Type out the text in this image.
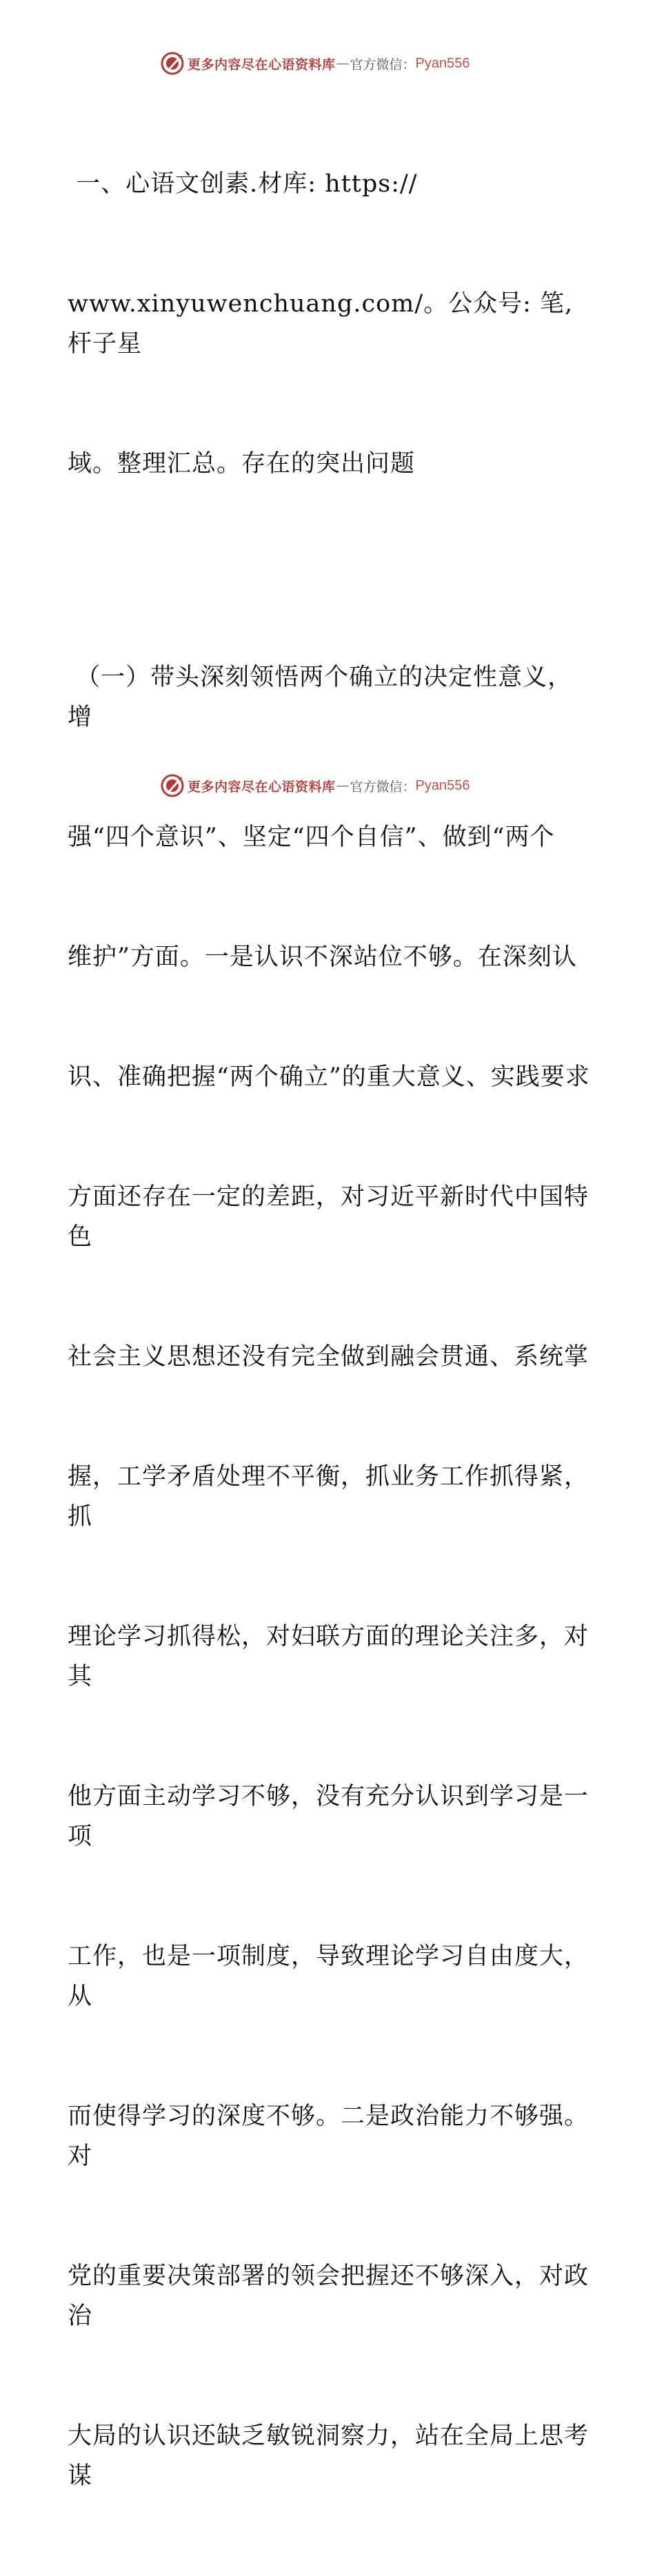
更多内容尽在心语资料库 — 官方微信： Pyan556

一、心语文创素.材库: https://

www.xinyuwenchuang.com/。公众号: 笔,杆子星

域。整理汇总。存在的突出问题

（一）带头深刻领悟两个确立的决定性意义，增

强“四个意识”、坚定“四个自信”、做到“两个

维护”方面。一是认识不深站位不够。在深刻认

识、准确把握“两个确立”的重大意义、实践要求

方面还存在一定的差距，对习近平新时代中国特色

社会主义思想还没有完全做到融会贯通、系统掌

握，工学矛盾处理不平衡，抓业务工作抓得紧，抓

理论学习抓得松，对妇联方面的理论关注多，对其

他方面主动学习不够，没有充分认识到学习是一项

工作，也是一项制度，导致理论学习自由度大，从

而使得学习的深度不够。二是政治能力不够强。对

党的重要决策部署的领会把握还不够深入，对政治

大局的认识还缺乏敏锐洞察力，站在全局上思考谋

更多内容尽在心语资料库 — 官方微信： Pyan556
